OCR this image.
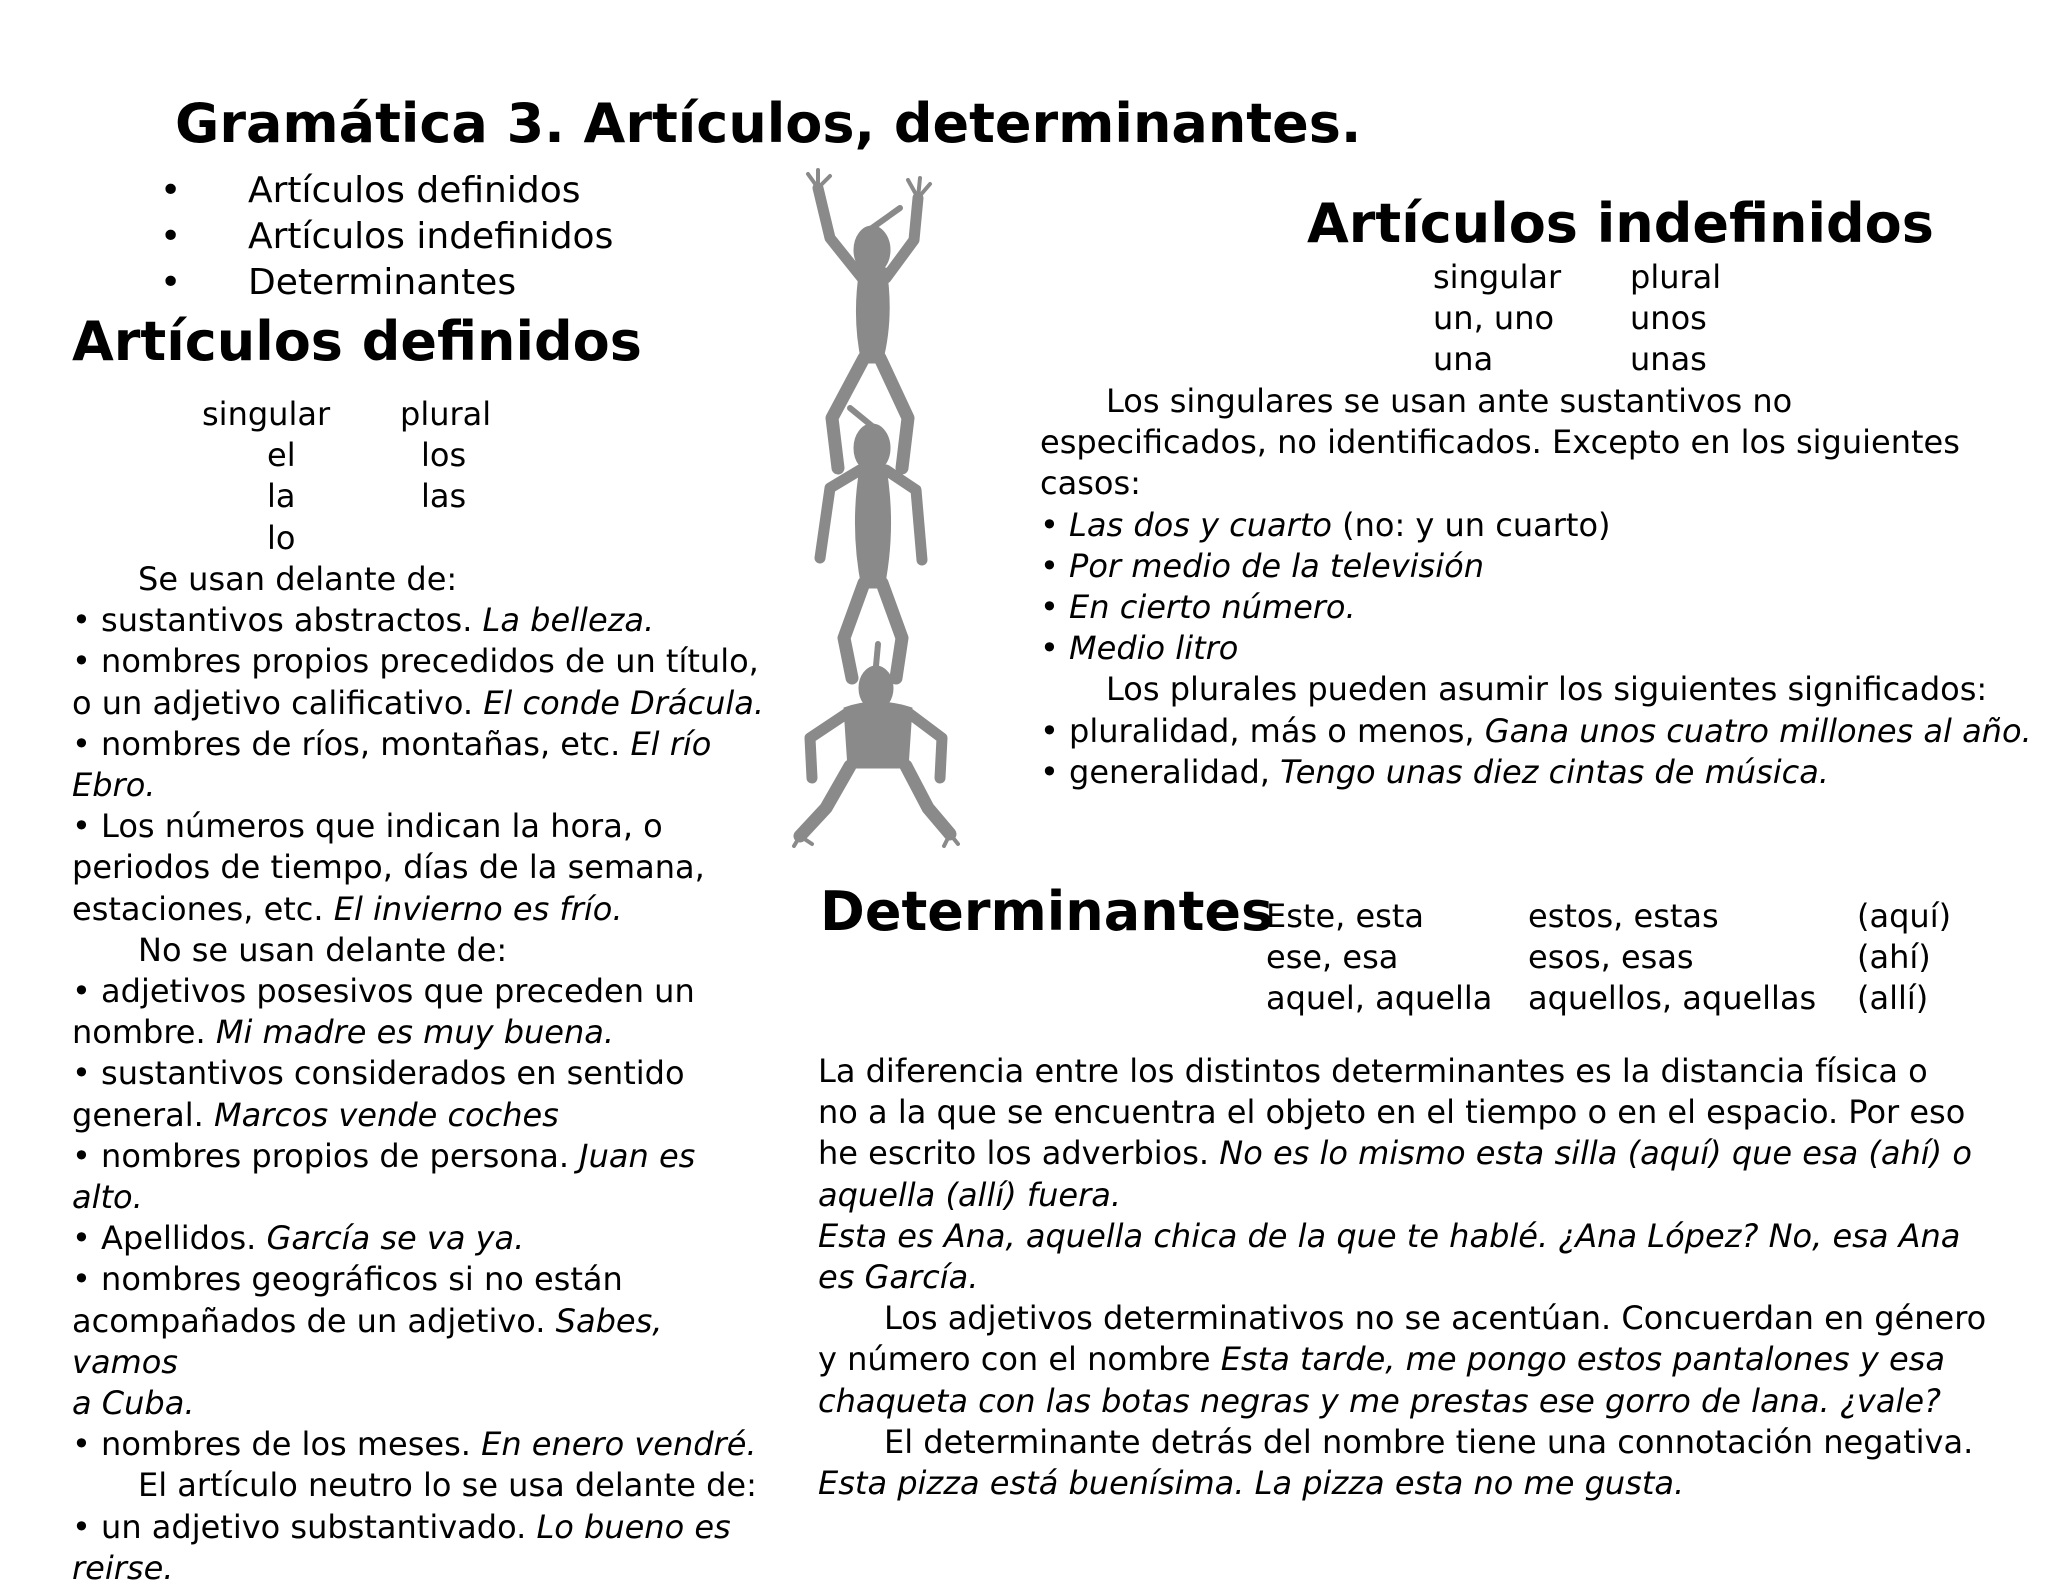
Gramática 3. Artículos, determinantes.
•	Artículos definidos
•	Artículos indefinidos
•	Determinantes
Artículos definidos
singular	plural
el	los
la	las
lo

Se usan delante de:

• sustantivos abstractos. La belleza.

• nombres propios precedidos de un título,

o un adjetivo calificativo. El conde Drácula.

• nombres de ríos, montañas, etc. El río

Ebro.

• Los números que indican la hora, o

periodos de tiempo, días de la semana,

estaciones, etc. El invierno es frío.

No se usan delante de:

• adjetivos posesivos que preceden un

nombre. Mi madre es muy buena.

• sustantivos considerados en sentido

general. Marcos vende coches

• nombres propios de persona. Juan es alto.

• Apellidos. García se va ya.

• nombres geográficos si no están

acompañados de un adjetivo. Sabes, vamos

a Cuba.

• nombres de los meses. En enero vendré.

El artículo neutro lo se usa delante de:

• un adjetivo substantivado. Lo bueno es

reirse.

Artículos indefinidos
singular	plural
un, uno	unos
una	unas

Los singulares se usan ante sustantivos no

especificados, no identificados. Excepto en los siguientes

casos:

• Las dos y cuarto (no: y un cuarto)

• Por medio de la televisión

• En cierto número.

• Medio litro

Los plurales pueden asumir los siguientes significados:

• pluralidad, más o menos, Gana unos cuatro millones al año.

• generalidad, Tengo unas diez cintas de música.

Determinantes
Este, esta	estos, estas	(aquí)
ese, esa	esos, esas	(ahí)
aquel, aquella	aquellos, aquellas	(allí)

La diferencia entre los distintos determinantes es la distancia física o

no a la que se encuentra el objeto en el tiempo o en el espacio. Por eso

he escrito los adverbios. No es lo mismo esta silla (aquí) que esa (ahí) o

aquella (allí) fuera.

Esta es Ana, aquella chica de la que te hablé. ¿Ana López? No, esa Ana

es García.

Los adjetivos determinativos no se acentúan. Concuerdan en género

y número con el nombre Esta tarde, me pongo estos pantalones y esa

chaqueta con las botas negras y me prestas ese gorro de lana. ¿vale?

El determinante detrás del nombre tiene una connotación negativa.

Esta pizza está buenísima. La pizza esta no me gusta.
